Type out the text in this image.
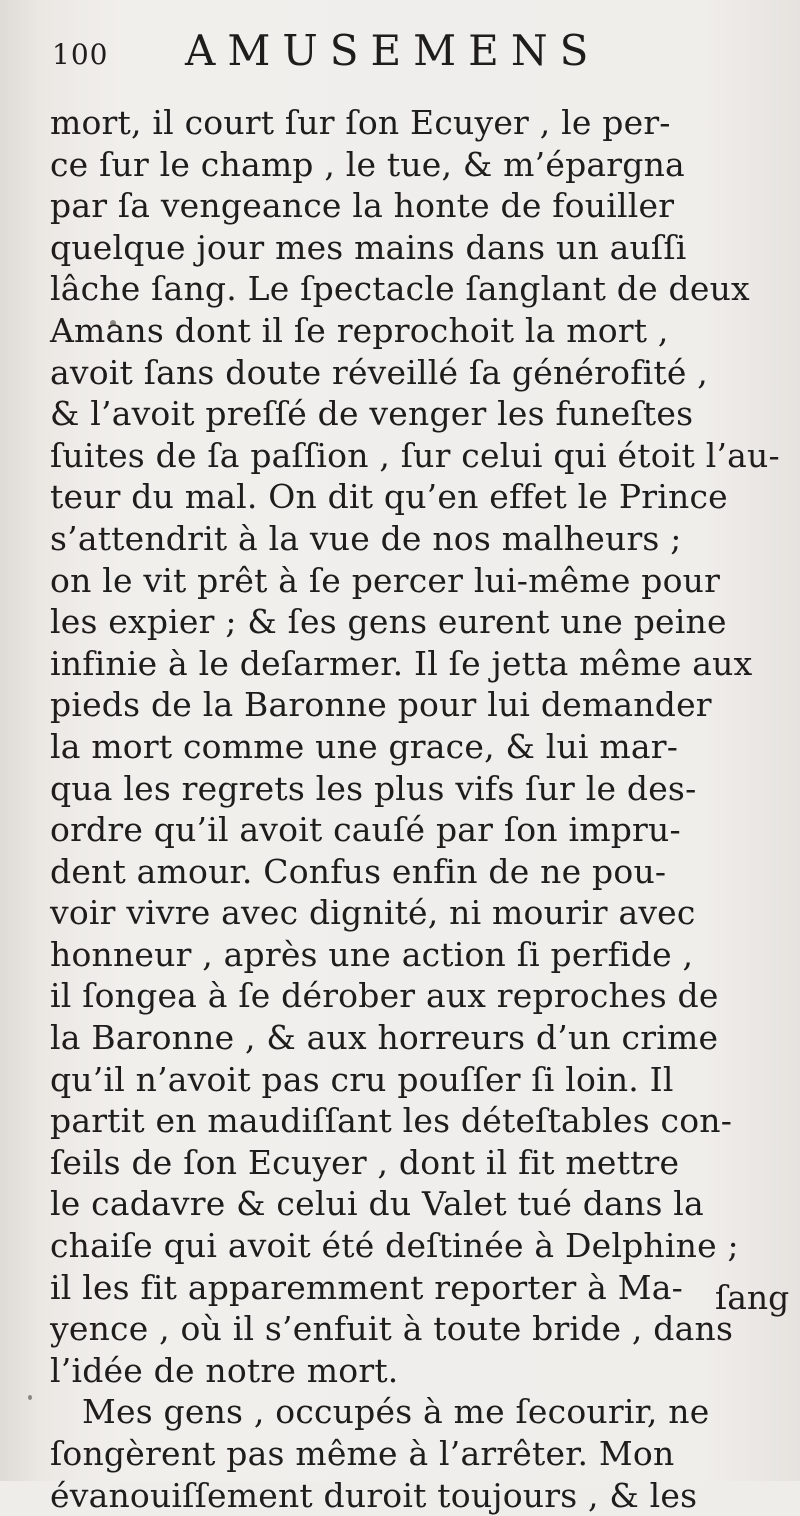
100 AMUSEMENS
mort, il court ſur ſon Ecuyer , le per-
ce ſur le champ , le tue, & m’épargna
par ſa vengeance la honte de fouiller
quelque jour mes mains dans un auſſi
lâche ſang. Le ſpectacle ſanglant de deux
Amans dont il ſe reprochoit la mort ,
avoit ſans doute réveillé ſa générofité ,
& l’avoit preſſé de venger les funeſtes
ſuites de ſa paſſion , ſur celui qui étoit l’au-
teur du mal. On dit qu’en effet le Prince
s’attendrit à la vue de nos malheurs ;
on le vit prêt à ſe percer lui-même pour
les expier ; & ſes gens eurent une peine
infinie à le deſarmer. Il ſe jetta même aux
pieds de la Baronne pour lui demander
la mort comme une grace, & lui mar-
qua les regrets les plus vifs ſur le des-
ordre qu’il avoit cauſé par ſon impru-
dent amour. Confus enfin de ne pou-
voir vivre avec dignité, ni mourir avec
honneur , après une action ſi perfide ,
il ſongea à ſe dérober aux reproches de
la Baronne , & aux horreurs d’un crime
qu’il n’avoit pas cru pouſſer ſi loin. Il
partit en maudiſſant les déteſtables con-
ſeils de ſon Ecuyer , dont il fit mettre
le cadavre & celui du Valet tué dans la
chaiſe qui avoit été deſtinée à Delphine ;
il les fit apparemment reporter à Ma-
yence , où il s’enfuit à toute bride , dans
l’idée de notre mort.
Mes gens , occupés à me ſecourir, ne
ſongèrent pas même à l’arrêter. Mon
évanouiſſement duroit toujours , & les
ſang
